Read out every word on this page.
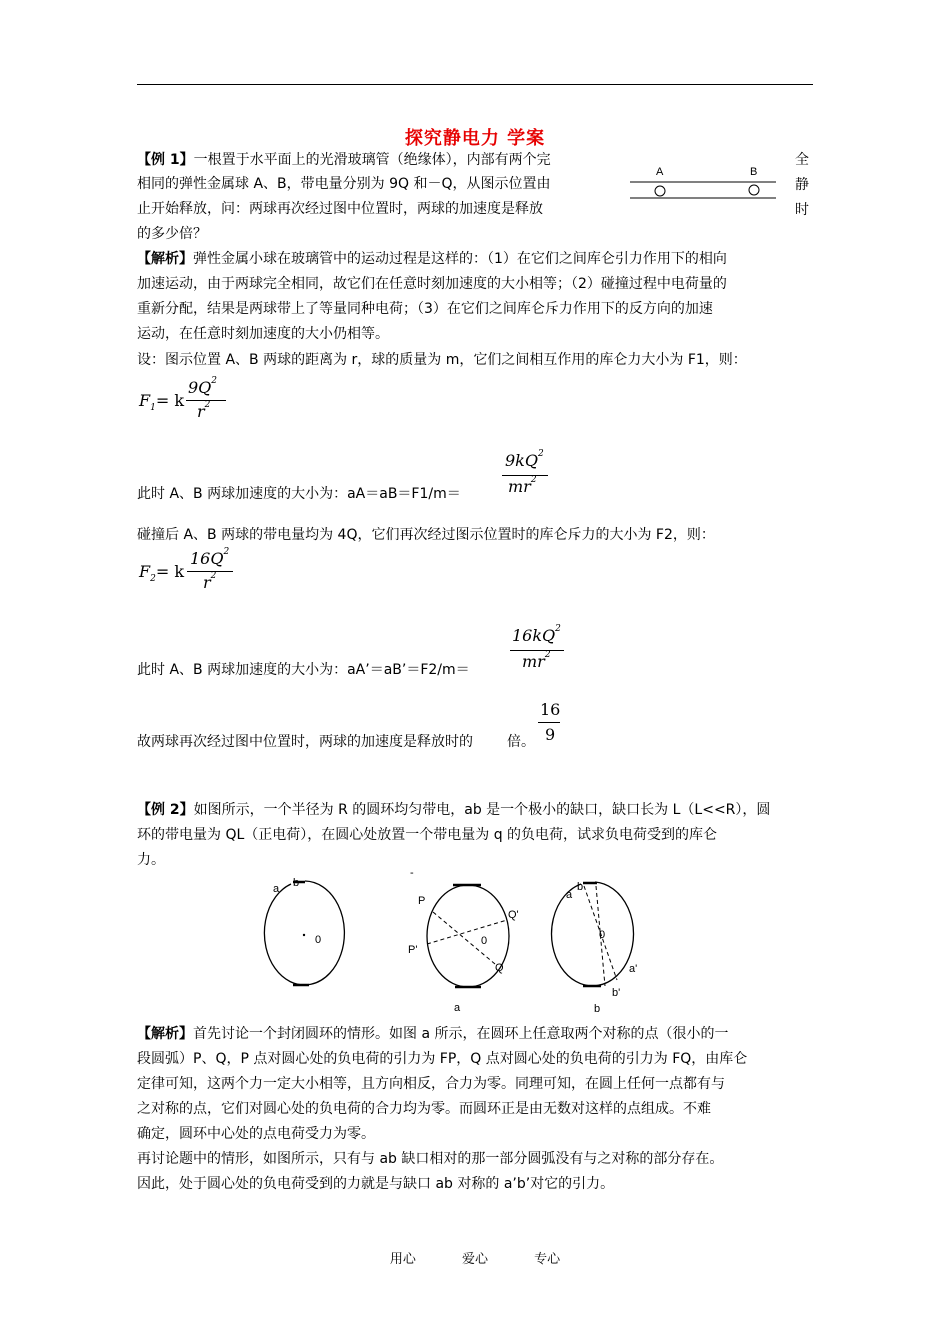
探究静电力 学案
【例 1】一根置于水平面上的光滑玻璃管（绝缘体），内部有两个完
相同的弹性金属球 A、B，带电量分别为 9Q 和－Q，从图示位置由
止开始释放，问：两球再次经过图中位置时，两球的加速度是释放
的多少倍？
全
静
时
A	B
【解析】弹性金属小球在玻璃管中的运动过程是这样的：（1）在它们之间库仑引力作用下的相向
加速运动，由于两球完全相同，故它们在任意时刻加速度的大小相等；（2）碰撞过程中电荷量的
重新分配，结果是两球带上了等量同种电荷；（3）在它们之间库仑斥力作用下的反方向的加速
运动，在任意时刻加速度的大小仍相等。
设：图示位置 A、B 两球的距离为 r，球的质量为 m，它们之间相互作用的库仑力大小为 F1，则：
$F_1= k$
$9Q^2$
$r^2$
此时 A、B 两球加速度的大小为：aA＝aB＝F1/m＝
$9kQ^2$
$mr^2$
碰撞后 A、B 两球的带电量均为 4Q，它们再次经过图示位置时的库仑斥力的大小为 F2，则：
$F_2= k$
$16Q^2$
$r^2$
此时 A、B 两球加速度的大小为：aA’＝aB’＝F2/m＝
$16kQ^2$
$mr^2$
故两球再次经过图中位置时，两球的加速度是释放时的 倍。
16
9
【例 2】如图所示，一个半径为 R 的圆环均匀带电，ab 是一个极小的缺口，缺口长为 L（L<<R），圆
环的带电量为 QL（正电荷），在圆心处放置一个带电量为 q 的负电荷，试求负电荷受到的库仑
力。
a b
0
-
P
Q'
P'
Q
0
a
a
b
0
a'
b'
b
【解析】首先讨论一个封闭圆环的情形。如图 a 所示，在圆环上任意取两个对称的点（很小的一
段圆弧）P、Q，P 点对圆心处的负电荷的引力为 FP，Q 点对圆心处的负电荷的引力为 FQ，由库仑
定律可知，这两个力一定大小相等，且方向相反，合力为零。同理可知，在圆上任何一点都有与
之对称的点，它们对圆心处的负电荷的合力均为零。而圆环正是由无数对这样的点组成。不难
确定，圆环中心处的点电荷受力为零。
再讨论题中的情形，如图所示，只有与 ab 缺口相对的那一部分圆弧没有与之对称的部分存在。
因此，处于圆心处的负电荷受到的力就是与缺口 ab 对称的 a’b’对它的引力。
用心	爱心	专心
